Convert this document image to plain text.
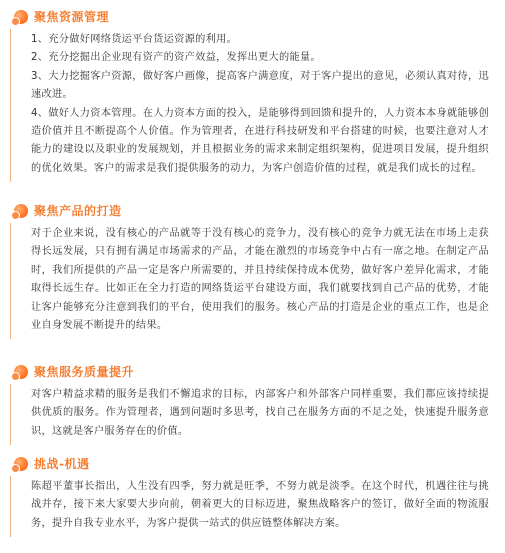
聚焦资源管理

1、充分做好网络货运平台货运资源的利用。

2、充分挖掘出企业现有资产的资产效益，发挥出更大的能量。

3、大力挖掘客户资源，做好客户画像，提高客户满意度，对于客户提出的意见，必须认真对待，迅速改进。

4、做好人力资本管理。在人力资本方面的投入，是能够得到回馈和提升的，人力资本本身就能够创造价值并且不断提高个人价值。作为管理者，在进行科技研发和平台搭建的时候，也要注意对人才能力的建设以及职业的发展规划，并且根据业务的需求来制定组织架构，促进项目发展，提升组织的优化效果。客户的需求是我们提供服务的动力，为客户创造价值的过程，就是我们成长的过程。

聚焦产品的打造

对于企业来说，没有核心的产品就等于没有核心的竞争力，没有核心的竞争力就无法在市场上走获得长远发展，只有拥有满足市场需求的产品，才能在激烈的市场竞争中占有一席之地。在制定产品时，我们所提供的产品一定是客户所需要的，并且持续保持成本优势，做好客户差异化需求，才能取得长远生存。比如正在全力打造的网络货运平台建设方面，我们就要找到自己产品的优势，才能让客户能够充分注意到我们的平台，使用我们的服务。核心产品的打造是企业的重点工作，也是企业自身发展不断提升的结果。

聚焦服务质量提升

对客户精益求精的服务是我们不懈追求的目标，内部客户和外部客户同样重要，我们都应该持续提供优质的服务。作为管理者，遇到问题时多思考，找自己在服务方面的不足之处，快速提升服务意识，这就是客户服务存在的价值。

挑战-机遇

陈超平董事长指出，人生没有四季，努力就是旺季，不努力就是淡季。在这个时代，机遇往往与挑战并存，接下来大家要大步向前，朝着更大的目标迈进，聚焦战略客户的签订，做好全面的物流服务，提升自我专业水平，为客户提供一站式的供应链整体解决方案。
